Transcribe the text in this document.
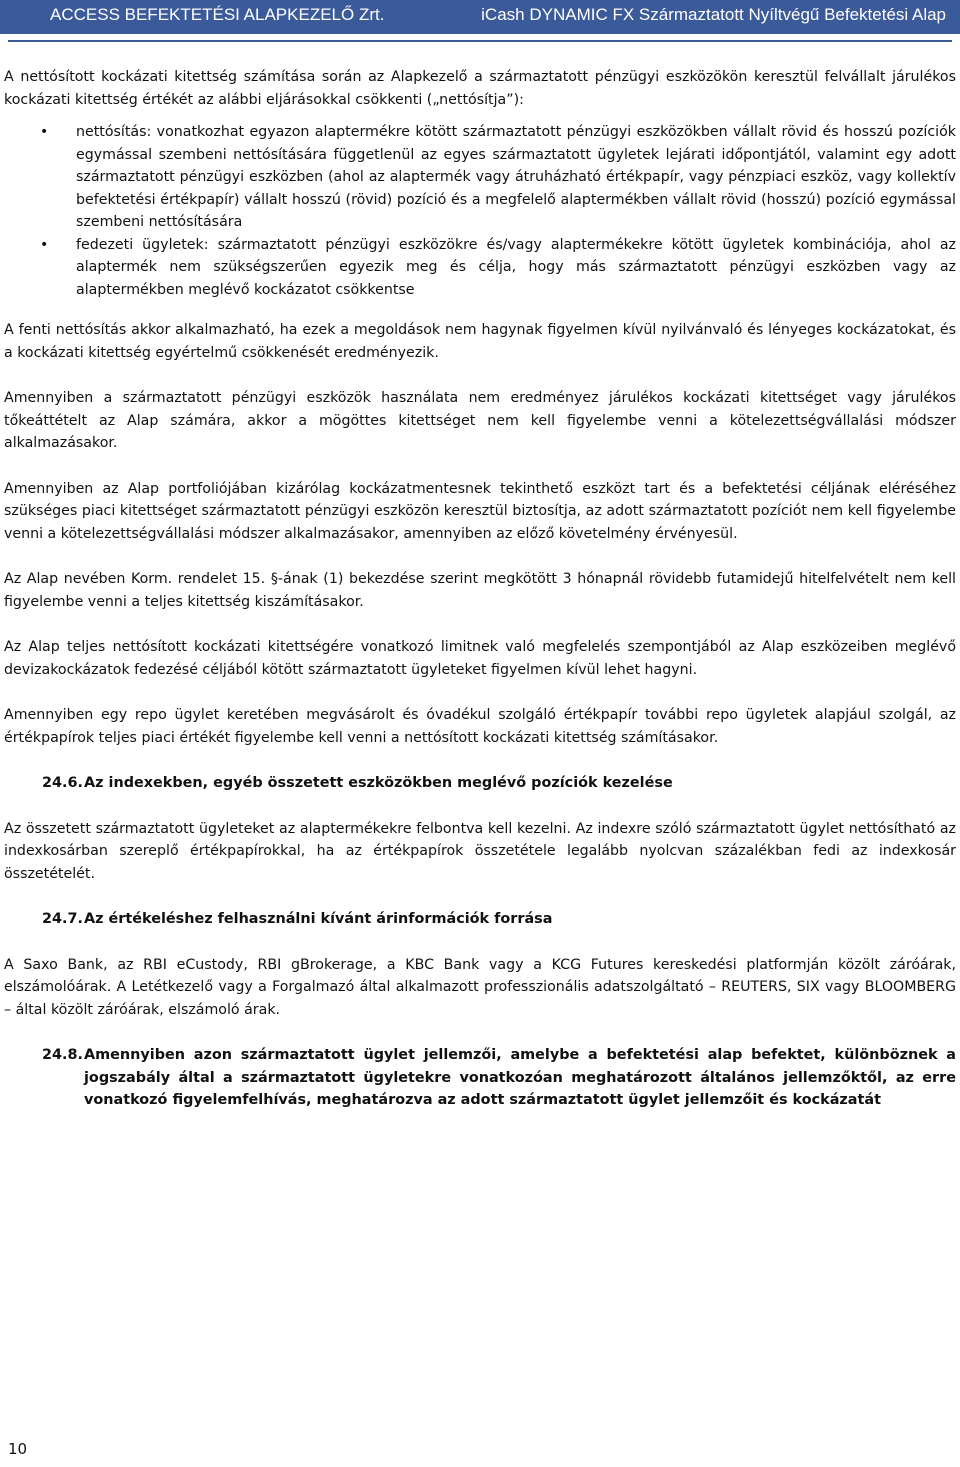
ACCESS BEFEKTETÉSI ALAPKEZELŐ Zrt.	iCash DYNAMIC FX Származtatott Nyíltvégű Befektetési Alap

A nettósított kockázati kitettség számítása során az Alapkezelő a származtatott pénzügyi eszközökön keresztül felvállalt járulékos kockázati kitettség értékét az alábbi eljárásokkal csökkenti („nettósítja”):

• nettósítás: vonatkozhat egyazon alaptermékre kötött származtatott pénzügyi eszközökben vállalt rövid és hosszú pozíciók egymással szembeni nettósítására függetlenül az egyes származtatott ügyletek lejárati időpontjától, valamint egy adott származtatott pénzügyi eszközben (ahol az alaptermék vagy átruházható értékpapír, vagy pénzpiaci eszköz, vagy kollektív befektetési értékpapír) vállalt hosszú (rövid) pozíció és a megfelelő alaptermékben vállalt rövid (hosszú) pozíció egymással szembeni nettósítására
• fedezeti ügyletek: származtatott pénzügyi eszközökre és/vagy alaptermékekre kötött ügyletek kombinációja, ahol az alaptermék nem szükségszerűen egyezik meg és célja, hogy más származtatott pénzügyi eszközben vagy az alaptermékben meglévő kockázatot csökkentse

A fenti nettósítás akkor alkalmazható, ha ezek a megoldások nem hagynak figyelmen kívül nyilvánvaló és lényeges kockázatokat, és a kockázati kitettség egyértelmű csökkenését eredményezik.

Amennyiben a származtatott pénzügyi eszközök használata nem eredményez járulékos kockázati kitettséget vagy járulékos tőkeáttételt az Alap számára, akkor a mögöttes kitettséget nem kell figyelembe venni a kötelezettségvállalási módszer alkalmazásakor.

Amennyiben az Alap portfoliójában kizárólag kockázatmentesnek tekinthető eszközt tart és a befektetési céljának eléréséhez szükséges piaci kitettséget származtatott pénzügyi eszközön keresztül biztosítja, az adott származtatott pozíciót nem kell figyelembe venni a kötelezettségvállalási módszer alkalmazásakor, amennyiben az előző követelmény érvényesül.

Az Alap nevében Korm. rendelet 15. §-ának (1) bekezdése szerint megkötött 3 hónapnál rövidebb futamidejű hitelfelvételt nem kell figyelembe venni a teljes kitettség kiszámításakor.

Az Alap teljes nettósított kockázati kitettségére vonatkozó limitnek való megfelelés szempontjából az Alap eszközeiben meglévő devizakockázatok fedezésé céljából kötött származtatott ügyleteket figyelmen kívül lehet hagyni.

Amennyiben egy repo ügylet keretében megvásárolt és óvadékul szolgáló értékpapír további repo ügyletek alapjául szolgál, az értékpapírok teljes piaci értékét figyelembe kell venni a nettósított kockázati kitettség számításakor.

24.6. Az indexekben, egyéb összetett eszközökben meglévő pozíciók kezelése

Az összetett származtatott ügyleteket az alaptermékekre felbontva kell kezelni. Az indexre szóló származtatott ügylet nettósítható az indexkosárban szereplő értékpapírokkal, ha az értékpapírok összetétele legalább nyolcvan százalékban fedi az indexkosár összetételét.

24.7. Az értékeléshez felhasználni kívánt árinformációk forrása

A Saxo Bank, az RBI eCustody, RBI gBrokerage, a KBC Bank vagy a KCG Futures kereskedési platformján közölt záróárak, elszámolóárak. A Letétkezelő vagy a Forgalmazó által alkalmazott professzionális adatszolgáltató – REUTERS, SIX vagy BLOOMBERG – által közölt záróárak, elszámoló árak.

24.8. Amennyiben azon származtatott ügylet jellemzői, amelybe a befektetési alap befektet, különböznek a jogszabály által a származtatott ügyletekre vonatkozóan meghatározott általános jellemzőktől, az erre vonatkozó figyelemfelhívás, meghatározva az adott származtatott ügylet jellemzőit és kockázatát
10
